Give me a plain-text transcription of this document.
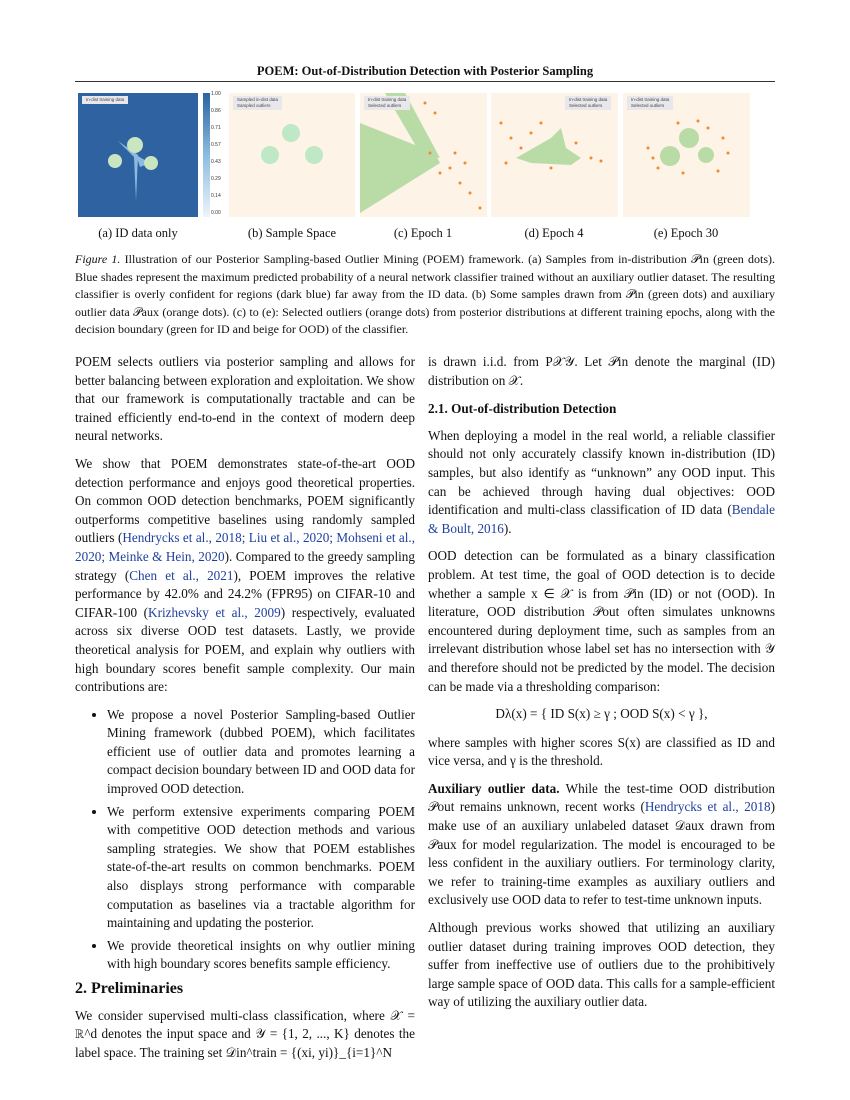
POEM: Out-of-Distribution Detection with Posterior Sampling
In-dist training data
1.00
0.86
0.71
0.57
0.43
0.29
0.14
0.00
Sampled in-dist data
Sampled outliers
In-dist training data
Selected outliers
In-dist training data
Selected outliers
In-dist training data
Selected outliers
(a) ID data only	(b) Sample Space	(c) Epoch 1	(d) Epoch 4	(e) Epoch 30
Figure 1. Illustration of our Posterior Sampling-based Outlier Mining (POEM) framework. (a) Samples from in-distribution 𝒫in (green dots). Blue shades represent the maximum predicted probability of a neural network classifier trained without an auxiliary outlier dataset. The resulting classifier is overly confident for regions (dark blue) far away from the ID data. (b) Some samples drawn from 𝒫in (green dots) and auxiliary outlier data 𝒫aux (orange dots). (c) to (e): Selected outliers (orange dots) from posterior distributions at different training epochs, along with the decision boundary (green for ID and beige for OOD) of the classifier.

POEM selects outliers via posterior sampling and allows for better balancing between exploration and exploitation. We show that our framework is computationally tractable and can be trained efficiently end-to-end in the context of modern deep neural networks.

We show that POEM demonstrates state-of-the-art OOD detection performance and enjoys good theoretical properties. On common OOD detection benchmarks, POEM significantly outperforms competitive baselines using randomly sampled outliers (Hendrycks et al., 2018; Liu et al., 2020; Mohseni et al., 2020; Meinke & Hein, 2020). Compared to the greedy sampling strategy (Chen et al., 2021), POEM improves the relative performance by 42.0% and 24.2% (FPR95) on CIFAR-10 and CIFAR-100 (Krizhevsky et al., 2009) respectively, evaluated across six diverse OOD test datasets. Lastly, we provide theoretical analysis for POEM, and explain why outliers with high boundary scores benefit sample complexity. Our main contributions are:

• We propose a novel Posterior Sampling-based Outlier Mining framework (dubbed POEM), which facilitates efficient use of outlier data and promotes learning a compact decision boundary between ID and OOD data for improved OOD detection.
• We perform extensive experiments comparing POEM with competitive OOD detection methods and various sampling strategies. We show that POEM establishes state-of-the-art results on common benchmarks. POEM also displays strong performance with comparable computation as baselines via a tractable algorithm for maintaining and updating the posterior.
• We provide theoretical insights on why outlier mining with high boundary scores benefits sample efficiency.
2. Preliminaries

We consider supervised multi-class classification, where 𝒳 = ℝ^d denotes the input space and 𝒴 = {1, 2, ..., K} denotes the label space. The training set 𝒟in^train = {(xi, yi)}_{i=1}^N

is drawn i.i.d. from P𝒳𝒴. Let 𝒫in denote the marginal (ID) distribution on 𝒳.

2.1. Out-of-distribution Detection

When deploying a model in the real world, a reliable classifier should not only accurately classify known in-distribution (ID) samples, but also identify as “unknown” any OOD input. This can be achieved through having dual objectives: OOD identification and multi-class classification of ID data (Bendale & Boult, 2016).

OOD detection can be formulated as a binary classification problem. At test time, the goal of OOD detection is to decide whether a sample x ∈ 𝒳 is from 𝒫in (ID) or not (OOD). In literature, OOD distribution 𝒫out often simulates unknowns encountered during deployment time, such as samples from an irrelevant distribution whose label set has no intersection with 𝒴 and therefore should not be predicted by the model. The decision can be made via a thresholding comparison:

Dλ(x) = { ID S(x) ≥ γ ; OOD S(x) < γ },

where samples with higher scores S(x) are classified as ID and vice versa, and γ is the threshold.

Auxiliary outlier data. While the test-time OOD distribution 𝒫out remains unknown, recent works (Hendrycks et al., 2018) make use of an auxiliary unlabeled dataset 𝒟aux drawn from 𝒫aux for model regularization. The model is encouraged to be less confident in the auxiliary outliers. For terminology clarity, we refer to training-time examples as auxiliary outliers and exclusively use OOD data to refer to test-time unknown inputs.

Although previous works showed that utilizing an auxiliary outlier dataset during training improves OOD detection, they suffer from ineffective use of outliers due to the prohibitively large sample space of OOD data. This calls for a sample-efficient way of utilizing the auxiliary outlier data.
